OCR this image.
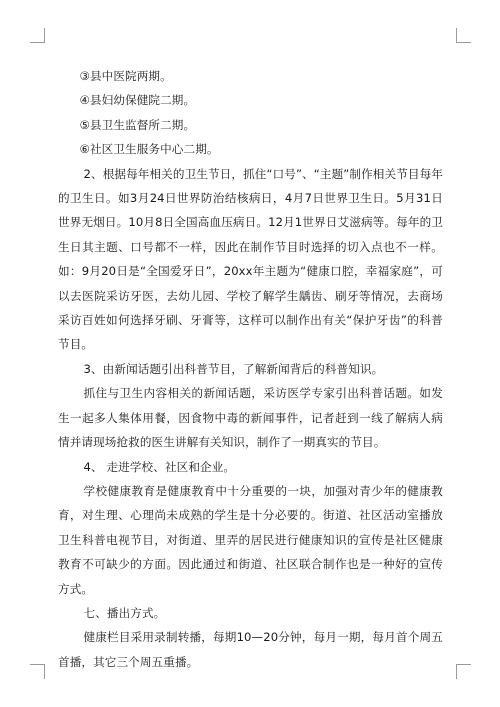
③县中医院两期。

④县妇幼保健院二期。

⑤县卫生监督所二期。

⑥社区卫生服务中心二期。

2、根据每年相关的卫生节日，抓住“口号”、“主题”制作相关节目每年的卫生日。如3月24日世界防治结核病日，4月7日世界卫生日。5月31日世界无烟日。10月8日全国高血压病日。12月1世界日艾滋病等。每年的卫生日其主题、口号都不一样，因此在制作节目时选择的切入点也不一样。如：9月20日是“全国爱牙日”，20xx年主题为“健康口腔，幸福家庭”，可以去医院采访牙医，去幼儿园、学校了解学生龋齿、刷牙等情况，去商场采访百姓如何选择牙刷、牙膏等，这样可以制作出有关“保护牙齿”的科普节目。

3、由新闻话题引出科普节目，了解新闻背后的科普知识。

抓住与卫生内容相关的新闻话题，采访医学专家引出科普话题。如发生一起多人集体用餐，因食物中毒的新闻事件，记者赶到一线了解病人病情并请现场抢救的医生讲解有关知识，制作了一期真实的节目。

4、 走进学校、社区和企业。

学校健康教育是健康教育中十分重要的一块，加强对青少年的健康教育，对生理、心理尚未成熟的学生是十分必要的。街道、社区活动室播放卫生科普电视节目，对街道、里弄的居民进行健康知识的宣传是社区健康教育不可缺少的方面。因此通过和街道、社区联合制作也是一种好的宣传方式。

七、播出方式。

健康栏目采用录制转播，每期10—20分钟，每月一期，每月首个周五首播，其它三个周五重播。
